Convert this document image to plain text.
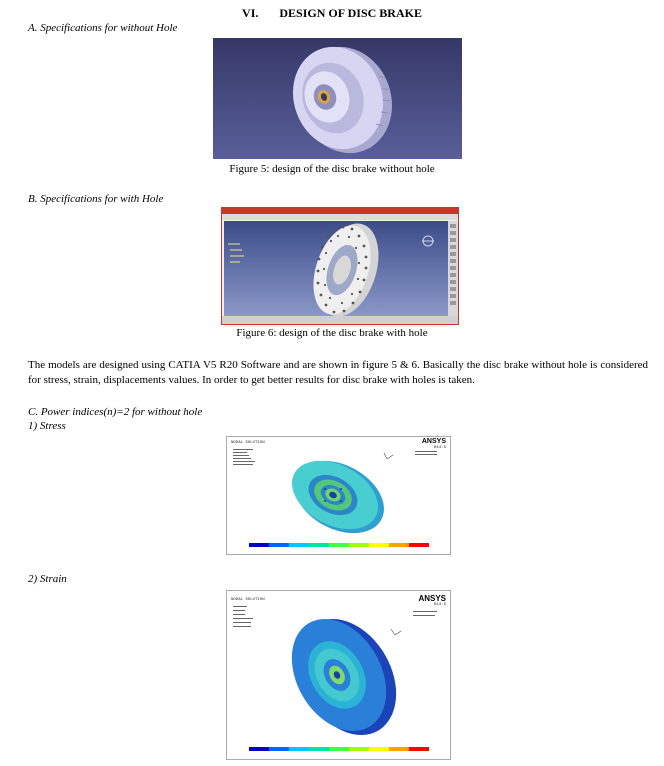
VI. DESIGN OF DISC BRAKE
A. Specifications for without Hole
Figure 5: design of the disc brake without hole
B. Specifications for with Hole
Figure 6: design of the disc brake with hole
The models are designed using CATIA V5 R20 Software and are shown in figure 5 & 6. Basically the disc brake without hole is considered for stress, strain, displacements values. In order to get better results for disc brake with holes is taken.
C. Power indices(n)=2 for without hole
1) Stress
NODAL SOLUTION	ANSYS
R14.5
2) Strain
NODAL SOLUTION	ANSYS
R14.5
